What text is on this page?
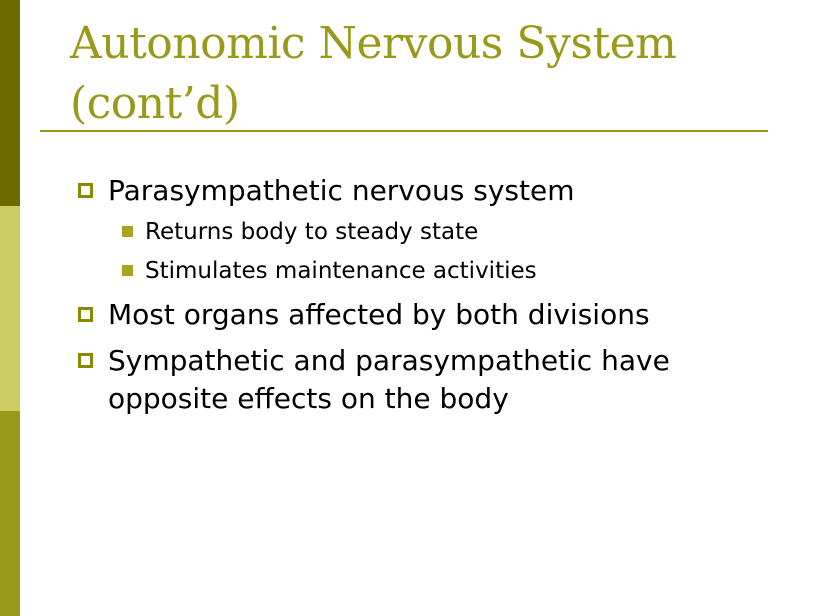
Autonomic Nervous System (cont’d)
Parasympathetic nervous system
Returns body to steady state
Stimulates maintenance activities
Most organs affected by both divisions
Sympathetic and parasympathetic have opposite effects on the body
